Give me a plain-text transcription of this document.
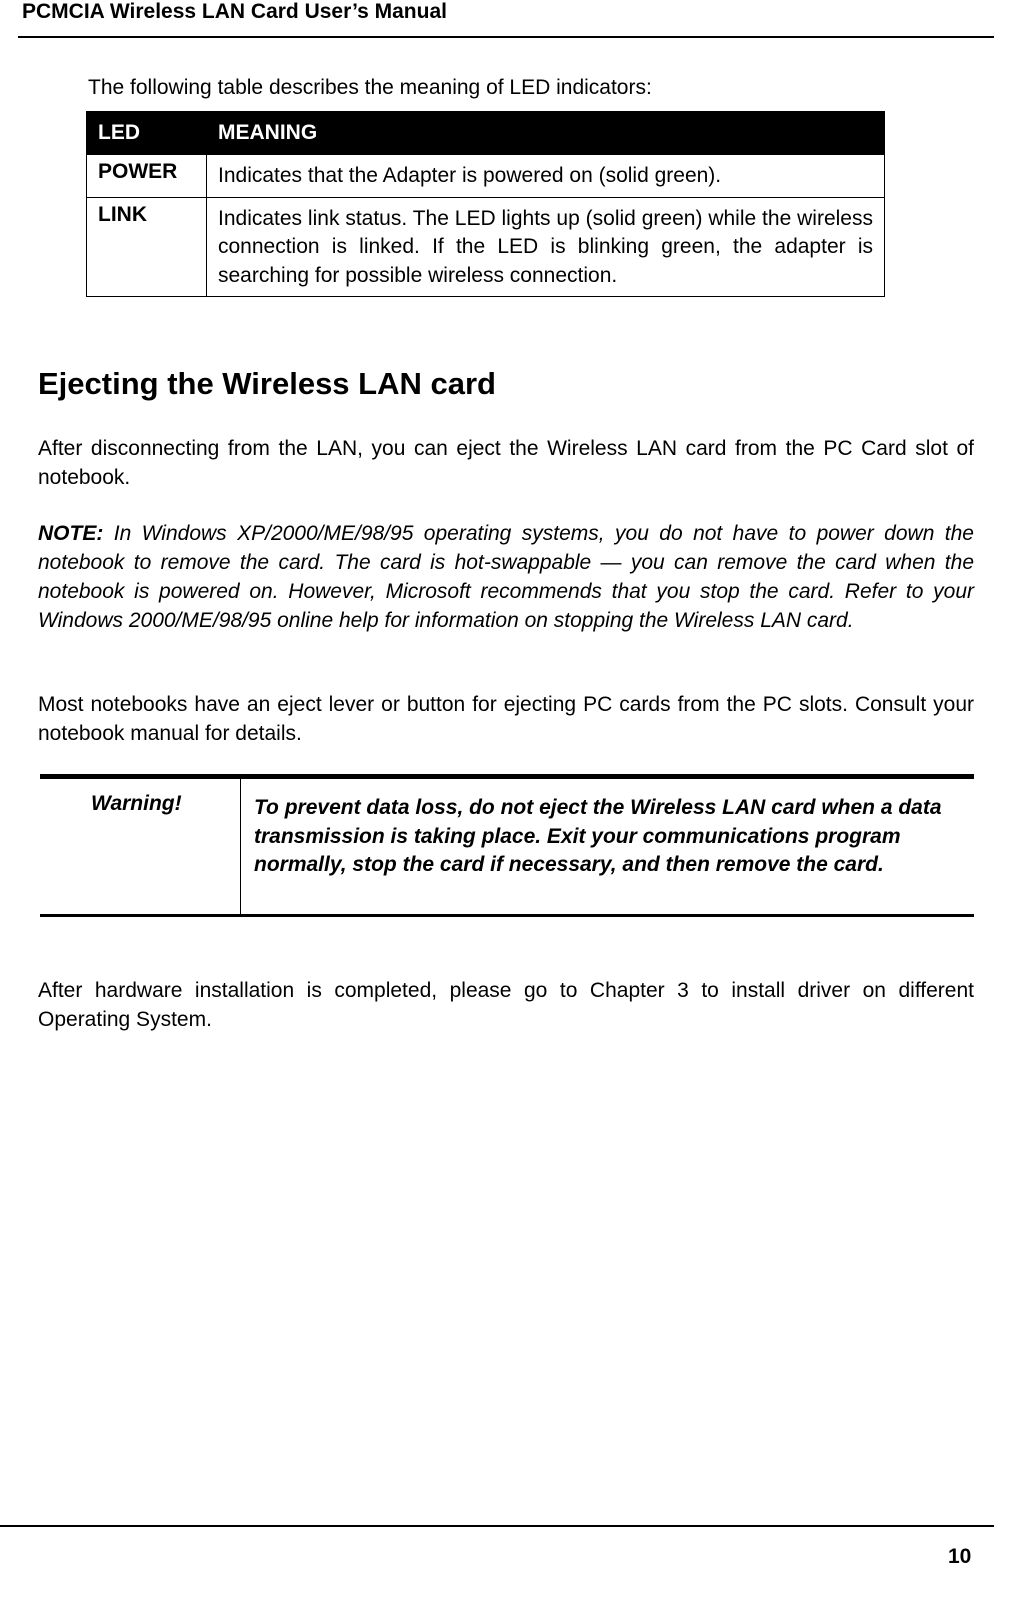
PCMCIA Wireless LAN Card User’s Manual
The following table describes the meaning of LED indicators:
LED	MEANING
POWER	Indicates that the Adapter is powered on (solid green).
LINK	Indicates link status. The LED lights up (solid green) while the wireless connection is linked. If the LED is blinking green, the adapter is searching for possible wireless connection.
Ejecting the Wireless LAN card

After disconnecting from the LAN, you can eject the Wireless LAN card from the PC Card slot of notebook.

NOTE: In Windows XP/2000/ME/98/95 operating systems, you do not have to power down the notebook to remove the card. The card is hot-swappable — you can remove the card when the notebook is powered on. However, Microsoft recommends that you stop the card. Refer to your Windows 2000/ME/98/95 online help for information on stopping the Wireless LAN card.

Most notebooks have an eject lever or button for ejecting PC cards from the PC slots. Consult your notebook manual for details.

Warning!	To prevent data loss, do not eject the Wireless LAN card when a data transmission is taking place. Exit your communications program normally, stop the card if necessary, and then remove the card.

After hardware installation is completed, please go to Chapter 3 to install driver on different Operating System.

10
